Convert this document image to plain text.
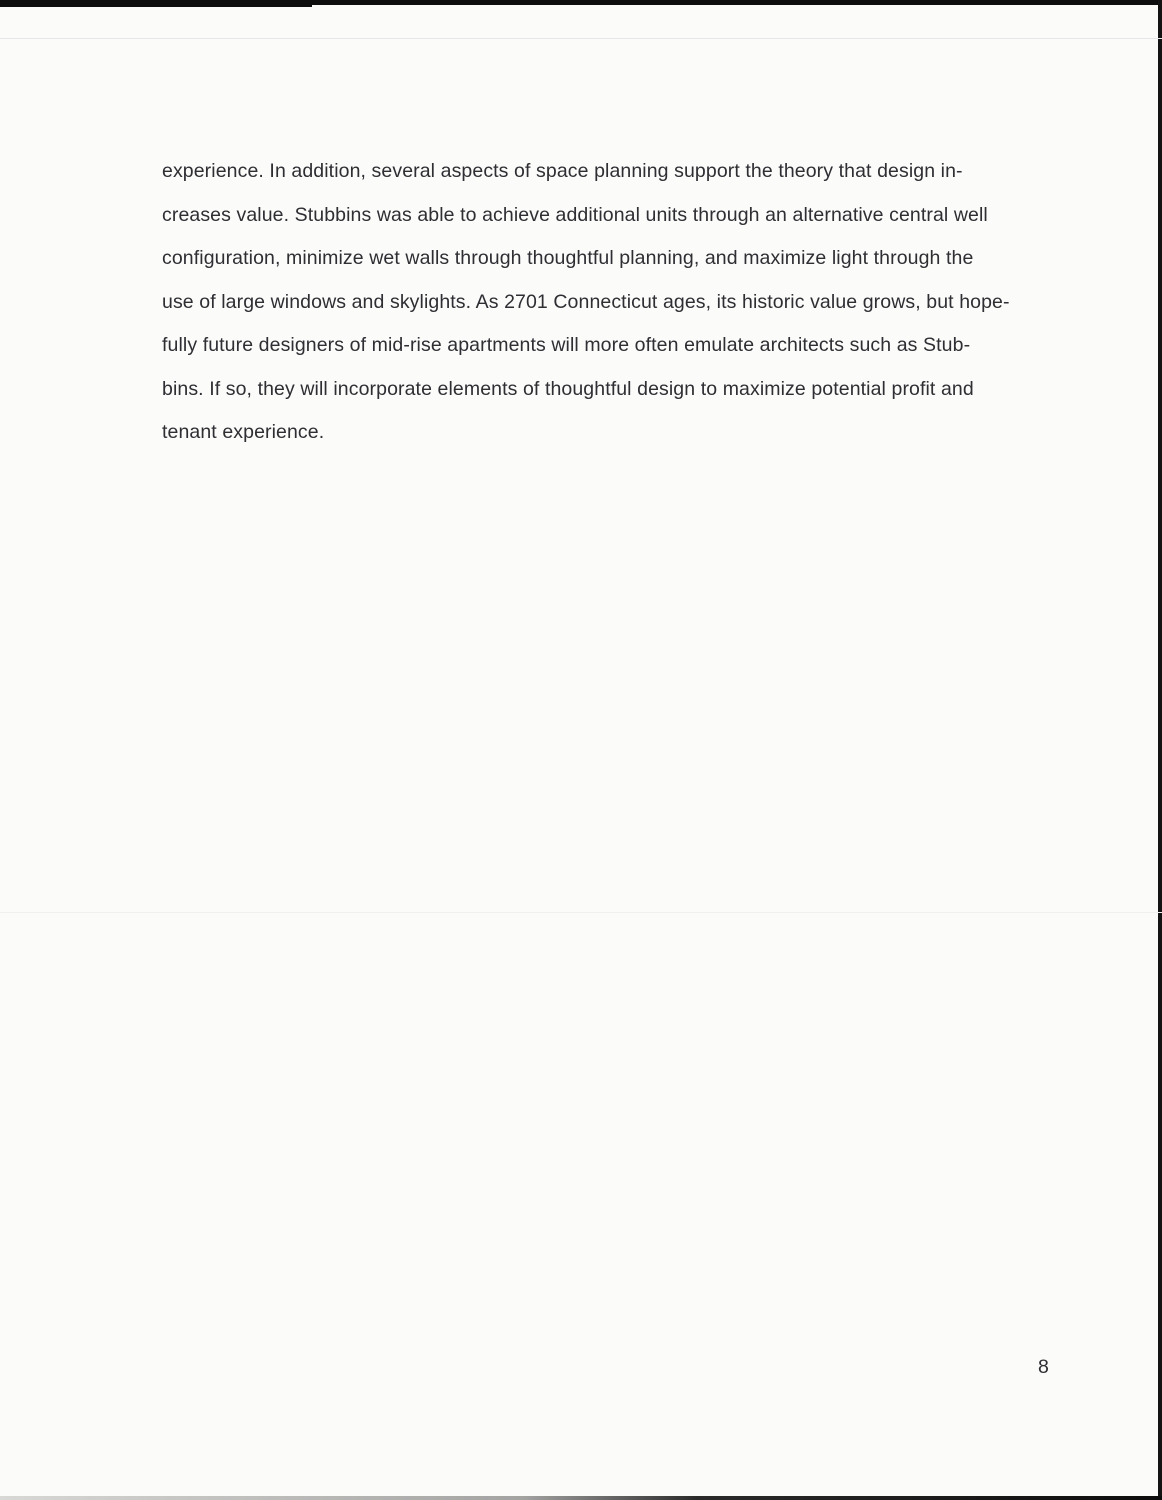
experience. In addition, several aspects of space planning support the theory that design in-
creases value. Stubbins was able to achieve additional units through an alternative central well
configuration, minimize wet walls through thoughtful planning, and maximize light through the
use of large windows and skylights. As 2701 Connecticut ages, its historic value grows, but hope-
fully future designers of mid-rise apartments will more often emulate architects such as Stub-
bins. If so, they will incorporate elements of thoughtful design to maximize potential profit and
tenant experience.
8
